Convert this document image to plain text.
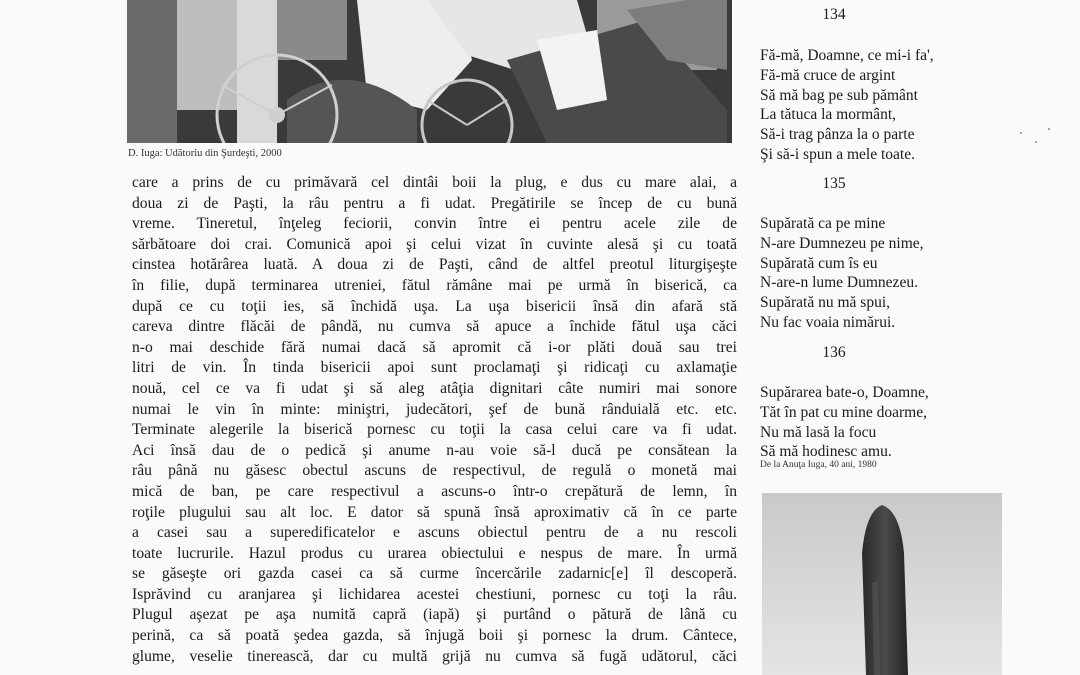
D. Iuga: Udătoriu din Şurdeşti, 2000
care a prins de cu primăvară cel dintâi boii la plug, e dus cu mare alai, a
doua zi de Paşti, la râu pentru a fi udat. Pregătirile se încep de cu bună
vreme. Tineretul, înţeleg feciorii, convin între ei pentru acele zile de
sărbătoare doi crai. Comunică apoi şi celui vizat în cuvinte alesă şi cu toată
cinstea hotărârea luată. A doua zi de Paşti, când de altfel preotul liturgişeşte
în filie, după terminarea utreniei, fătul rămâne mai pe urmă în biserică, ca
după ce cu toţii ies, să închidă uşa. La uşa bisericii însă din afară stă
careva dintre flăcăi de pândă, nu cumva să apuce a închide fătul uşa căci
n-o mai deschide fără numai dacă să apromit că i-or plăti două sau trei
litri de vin. În tinda bisericii apoi sunt proclamaţi şi ridicaţi cu axlamaţie
nouă, cel ce va fi udat şi să aleg atâţia dignitari câte numiri mai sonore
numai le vin în minte: miniştri, judecători, şef de bună rânduială etc. etc.
Terminate alegerile la biserică pornesc cu toţii la casa celui care va fi udat.
Aci însă dau de o pedică şi anume n-au voie să-l ducă pe consătean la
râu până nu găsesc obectul ascuns de respectivul, de regulă o monetă mai
mică de ban, pe care respectivul a ascuns-o într-o crepătură de lemn, în
roţile plugului sau alt loc. E dator să spună însă aproximativ că în ce parte
a casei sau a superedificatelor e ascuns obiectul pentru de a nu rescoli
toate lucrurile. Hazul produs cu urarea obiectului e nespus de mare. În urmă
se găseşte ori gazda casei ca să curme încercările zadarnic[e] îl descoperă.
Isprăvind cu aranjarea şi lichidarea acestei chestiuni, pornesc cu toţi la râu.
Plugul aşezat pe aşa numită capră (iapă) şi purtând o pătură de lână cu
perină, ca să poată şedea gazda, să înjugă boii şi pornesc la drum. Cântece,
glume, veselie tinerească, dar cu multă grijă nu cumva să fugă udătorul, căci
134
Fă-mă, Doamne, ce mi-i fa',
Fă-mă cruce de argint
Să mă bag pe sub pământ
La tătuca la mormânt,
Să-i trag pânza la o parte
Şi să-i spun a mele toate.
135
Supărată ca pe mine
N-are Dumnezeu pe nime,
Supărată cum îs eu
N-are-n lume Dumnezeu.
Supărată nu mă spui,
Nu fac voaia nimărui.
136
Supărarea bate-o, Doamne,
Tăt în pat cu mine doarme,
Nu mă lasă la focu
Să mă hodinesc amu.
De la Anuţa Iuga, 40 ani, 1980
